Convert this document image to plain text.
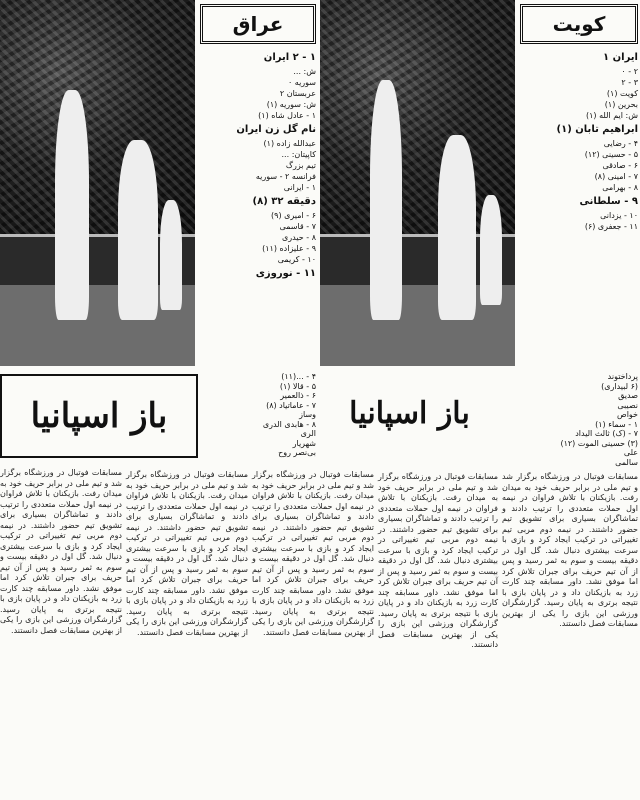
عراق
۱ - ۲ ایران
ش: ...
سوریه ۰
عربستان ۲
ش: سوریه (۱)
۱ - عادل شاه (۱)
نام گل زن ایران
عبدالله زاده (۱)
کاپیتان: ...
تیم بزرگ
فرانسه ۲ - سوریه
۱ - ایرانی
دقیقه ۳۲ (۸)
۶ - امیری (۹)
۷ - قاسمی
۸ - حیدری
۹ - علیزاده (۱۱)
۱۰ - کریمی
۱۱ - نوروزی
کویت
ایران ۱
۲ - ۰
۳ - ۲
کویت (۱)
بحرین (۱)
ش: ایم الله (۱)
ابراهیم تابان (۱)
۴ - رضایی
۵ - حسینی (۱۲)
۶ - صادقی
۷ - امینی (۸)
۸ - بهرامی
۹ - سلطانی
۱۰ - یزدانی
۱۱ - جعفری (۶)
۴ - ...(۱۱)
۵ - قالا (۱)
۶ - ذالعمیر
۷ - عاماتیاد (۸)
وساز
۸ - هابدی الدری
الری
شهریار
بی‌نصر روح
پرداختوند
(۶ لبیداری)
صدیق
نصیبی
خواص
۱ - سماء (۱)
۷ - (ک) ثالث الیداد
(۳) حسینی الموت (۱۲)
علی
سالمی
باز اسپانیا	باز اسپانیا

مسابقات فوتبال در ورزشگاه برگزار شد و تیم ملی در برابر حریف خود به میدان رفت. بازیکنان با تلاش فراوان در نیمه اول حملات متعددی را ترتیب دادند و تماشاگران بسیاری برای تشویق تیم حضور داشتند. در نیمه دوم مربی تیم تغییراتی در ترکیب ایجاد کرد و بازی با سرعت بیشتری دنبال شد. گل اول در دقیقه بیست و سوم به ثمر رسید و پس از آن تیم حریف برای جبران تلاش کرد اما موفق نشد. داور مسابقه چند کارت زرد به بازیکنان داد و در پایان بازی با نتیجه برتری به پایان رسید. گزارشگران ورزشی این بازی را یکی از بهترین مسابقات فصل دانستند.

مسابقات فوتبال در ورزشگاه برگزار شد و تیم ملی در برابر حریف خود به میدان رفت. بازیکنان با تلاش فراوان در نیمه اول حملات متعددی را ترتیب دادند و تماشاگران بسیاری برای تشویق تیم حضور داشتند. در نیمه دوم مربی تیم تغییراتی در ترکیب ایجاد کرد و بازی با سرعت بیشتری دنبال شد. گل اول در دقیقه بیست و سوم به ثمر رسید و پس از آن تیم حریف برای جبران تلاش کرد اما موفق نشد. داور مسابقه چند کارت زرد به بازیکنان داد و در پایان بازی با نتیجه برتری به پایان رسید. گزارشگران ورزشی این بازی را یکی از بهترین مسابقات فصل دانستند.

مسابقات فوتبال در ورزشگاه برگزار شد و تیم ملی در برابر حریف خود به میدان رفت. بازیکنان با تلاش فراوان در نیمه اول حملات متعددی را ترتیب دادند و تماشاگران بسیاری برای تشویق تیم حضور داشتند. در نیمه دوم مربی تیم تغییراتی در ترکیب ایجاد کرد و بازی با سرعت بیشتری دنبال شد. گل اول در دقیقه بیست و سوم به ثمر رسید و پس از آن تیم حریف برای جبران تلاش کرد اما موفق نشد. داور مسابقه چند کارت زرد به بازیکنان داد و در پایان بازی با نتیجه برتری به پایان رسید. گزارشگران ورزشی این بازی را یکی از بهترین مسابقات فصل دانستند.

مسابقات فوتبال در ورزشگاه برگزار شد و تیم ملی در برابر حریف خود به میدان رفت. بازیکنان با تلاش فراوان در نیمه اول حملات متعددی را ترتیب دادند و تماشاگران بسیاری برای تشویق تیم حضور داشتند. در نیمه دوم مربی تیم تغییراتی در ترکیب ایجاد کرد و بازی با سرعت بیشتری دنبال شد. گل اول در دقیقه بیست و سوم به ثمر رسید و پس از آن تیم حریف برای جبران تلاش کرد اما موفق نشد. داور مسابقه چند کارت زرد به بازیکنان داد و در پایان بازی با نتیجه برتری به پایان رسید. گزارشگران ورزشی این بازی را یکی از بهترین مسابقات فصل دانستند.

مسابقات فوتبال در ورزشگاه برگزار شد و تیم ملی در برابر حریف خود به میدان رفت. بازیکنان با تلاش فراوان در نیمه اول حملات متعددی را ترتیب دادند و تماشاگران بسیاری برای تشویق تیم حضور داشتند. در نیمه دوم مربی تیم تغییراتی در ترکیب ایجاد کرد و بازی با سرعت بیشتری دنبال شد. گل اول در دقیقه بیست و سوم به ثمر رسید و پس از آن تیم حریف برای جبران تلاش کرد اما موفق نشد. داور مسابقه چند کارت زرد به بازیکنان داد و در پایان بازی با نتیجه برتری به پایان رسید. گزارشگران ورزشی این بازی را یکی از بهترین مسابقات فصل دانستند.
